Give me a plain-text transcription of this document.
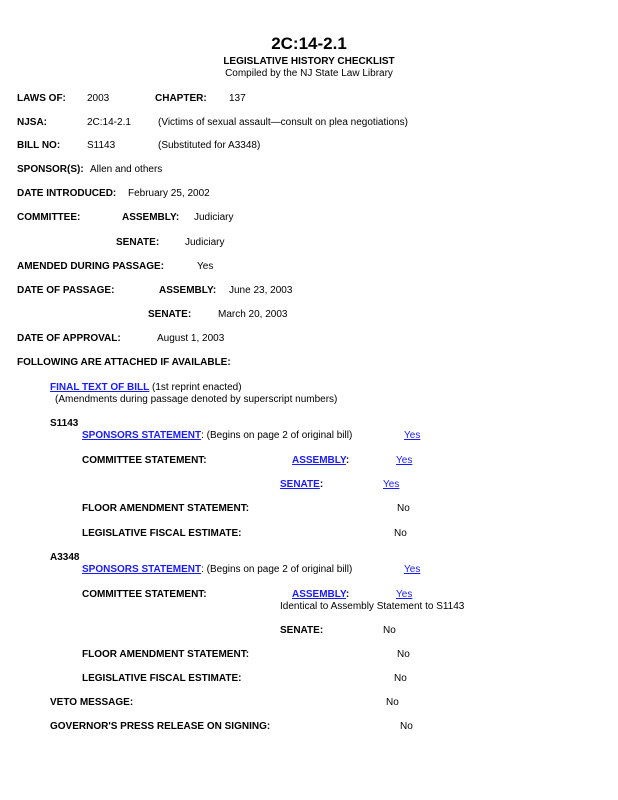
2C:14-2.1
LEGISLATIVE HISTORY CHECKLIST
Compiled by the NJ State Law Library
LAWS OF: 2003	CHAPTER: 137
NJSA:	2C:14-2.1	(Victims of sexual assault—consult on plea negotiations)
BILL NO:	S1143	(Substituted for A3348)
SPONSOR(S): Allen and others
DATE INTRODUCED: February 25, 2002
COMMITTEE:	ASSEMBLY: Judiciary
SENATE:	Judiciary
AMENDED DURING PASSAGE:	Yes
DATE OF PASSAGE:	ASSEMBLY: June 23, 2003
SENATE:	March 20, 2003
DATE OF APPROVAL:	August 1, 2003
FOLLOWING ARE ATTACHED IF AVAILABLE:
FINAL TEXT OF BILL (1st reprint enacted)
(Amendments during passage denoted by superscript numbers)
S1143
SPONSORS STATEMENT: (Begins on page 2 of original bill)	Yes
COMMITTEE STATEMENT:	ASSEMBLY:	Yes
SENATE:	Yes
FLOOR AMENDMENT STATEMENT:	No
LEGISLATIVE FISCAL ESTIMATE:	No
A3348
SPONSORS STATEMENT: (Begins on page 2 of original bill)	Yes
COMMITTEE STATEMENT:	ASSEMBLY:	Yes
Identical to Assembly Statement to S1143
SENATE:	No
FLOOR AMENDMENT STATEMENT:	No
LEGISLATIVE FISCAL ESTIMATE:	No
VETO MESSAGE:	No
GOVERNOR'S PRESS RELEASE ON SIGNING:	No
